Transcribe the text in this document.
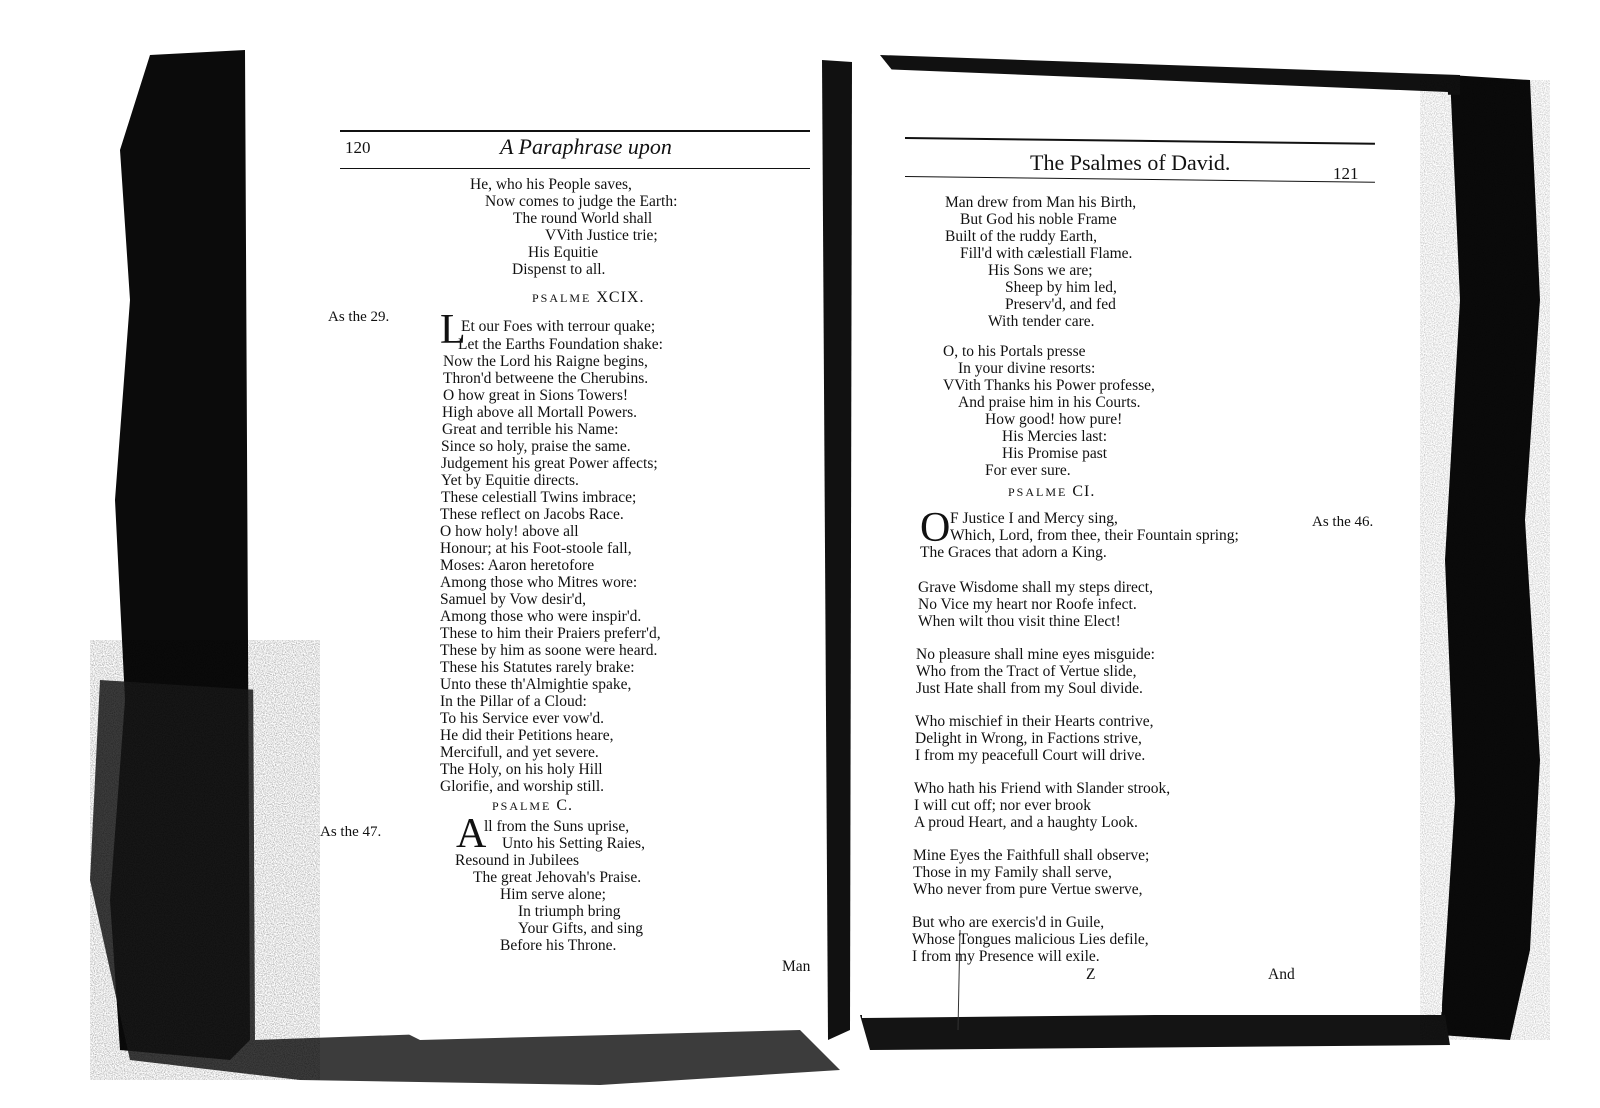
120	A Paraphrase upon
He, who his People saves,
Now comes to judge the Earth:
The round World shall
VVith Justice trie;
His Equitie
Dispenst to all.
PSALME XCIX.
As the 29. L
Et our Foes with terrour quake;
Let the Earths Foundation shake:
Now the Lord his Raigne begins,
Thron'd betweene the Cherubins.
O how great in Sions Towers!
High above all Mortall Powers.
Great and terrible his Name:
Since so holy, praise the same.
Judgement his great Power affects;
Yet by Equitie directs.
These celestiall Twins imbrace;
These reflect on Jacobs Race.
O how holy! above all
Honour; at his Foot-stoole fall,
Moses: Aaron heretofore
Among those who Mitres wore:
Samuel by Vow desir'd,
Among those who were inspir'd.
These to him their Praiers preferr'd,
These by him as soone were heard.
These his Statutes rarely brake:
Unto these th'Almightie spake,
In the Pillar of a Cloud:
To his Service ever vow'd.
He did their Petitions heare,
Mercifull, and yet severe.
The Holy, on his holy Hill
Glorifie, and worship still.
PSALME C.
As the 47. A
ll from the Suns uprise,
Unto his Setting Raies,
Resound in Jubilees
The great Jehovah's Praise.
Him serve alone;
In triumph bring
Your Gifts, and sing
Before his Throne.
Man
The Psalmes of David.	121
Man drew from Man his Birth,
But God his noble Frame
Built of the ruddy Earth,
Fill'd with cælestiall Flame.
His Sons we are;
Sheep by him led,
Preserv'd, and fed
With tender care.
O, to his Portals presse
In your divine resorts:
VVith Thanks his Power professe,
And praise him in his Courts.
How good! how pure!
His Mercies last:
His Promise past
For ever sure.
PSALME CI.
As the 46.
O F Justice I and Mercy sing,
Which, Lord, from thee, their Fountain spring;
The Graces that adorn a King.
Grave Wisdome shall my steps direct,
No Vice my heart nor Roofe infect.
When wilt thou visit thine Elect!
No pleasure shall mine eyes misguide:
Who from the Tract of Vertue slide,
Just Hate shall from my Soul divide.
Who mischief in their Hearts contrive,
Delight in Wrong, in Factions strive,
I from my peacefull Court will drive.
Who hath his Friend with Slander strook,
I will cut off; nor ever brook
A proud Heart, and a haughty Look.
Mine Eyes the Faithfull shall observe;
Those in my Family shall serve,
Who never from pure Vertue swerve,
But who are exercis'd in Guile,
Whose Tongues malicious Lies defile,
I from my Presence will exile.
Z	And
